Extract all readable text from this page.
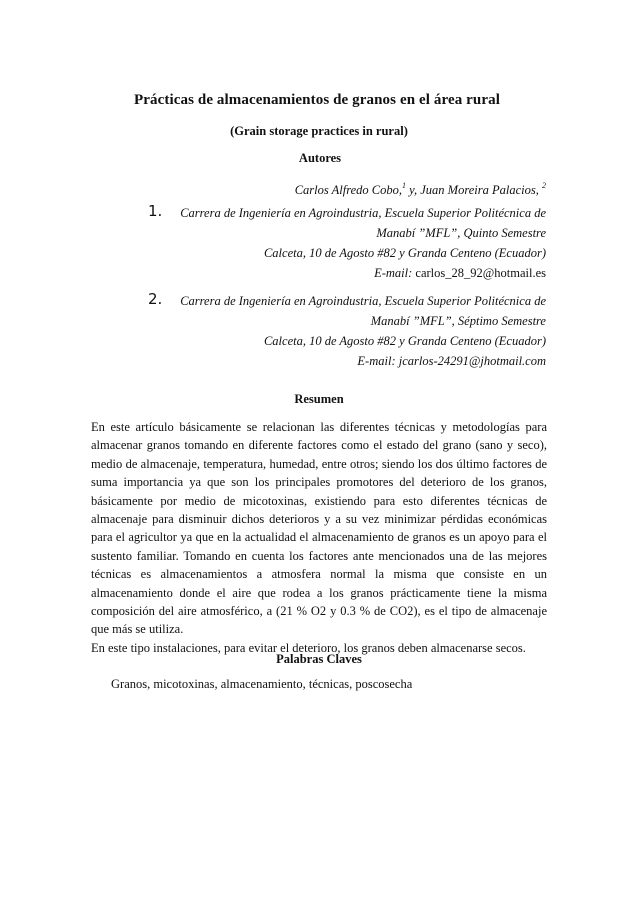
Prácticas de almacenamientos de granos en el área rural
(Grain storage practices in rural)
Autores
Carlos Alfredo Cobo,$^1$ y, Juan Moreira Palacios, $^2$
1.	Carrera de Ingeniería en Agroindustria, Escuela Superior Politécnica de
Manabí ”MFL”, Quinto Semestre
Calceta, 10 de Agosto #82 y Granda Centeno (Ecuador)
E-mail: carlos_28_92@hotmail.es
2.	Carrera de Ingeniería en Agroindustria, Escuela Superior Politécnica de
Manabí ”MFL”, Séptimo Semestre
Calceta, 10 de Agosto #82 y Granda Centeno (Ecuador)
E-mail: jcarlos-24291@jhotmail.com
Resumen

En este artículo básicamente se relacionan las diferentes técnicas y metodologías para almacenar granos tomando en diferente factores como el estado del grano (sano y seco), medio de almacenaje, temperatura, humedad, entre otros; siendo los dos último factores de suma importancia ya que son los principales promotores del deterioro de los granos, básicamente por medio de micotoxinas, existiendo para esto diferentes técnicas de almacenaje para disminuir dichos deterioros y a su vez minimizar pérdidas económicas para el agricultor ya que en la actualidad el almacenamiento de granos es un apoyo para el sustento familiar. Tomando en cuenta los factores ante mencionados una de las mejores técnicas es almacenamientos a atmosfera normal la misma que consiste en un almacenamiento donde el aire que rodea a los granos prácticamente tiene la misma composición del aire atmosférico, a (21 % O2 y 0.3 % de CO2), es el tipo de almacenaje que más se utiliza.

En este tipo instalaciones, para evitar el deterioro, los granos deben almacenarse secos.

Palabras Claves
Granos, micotoxinas, almacenamiento, técnicas, poscosecha
